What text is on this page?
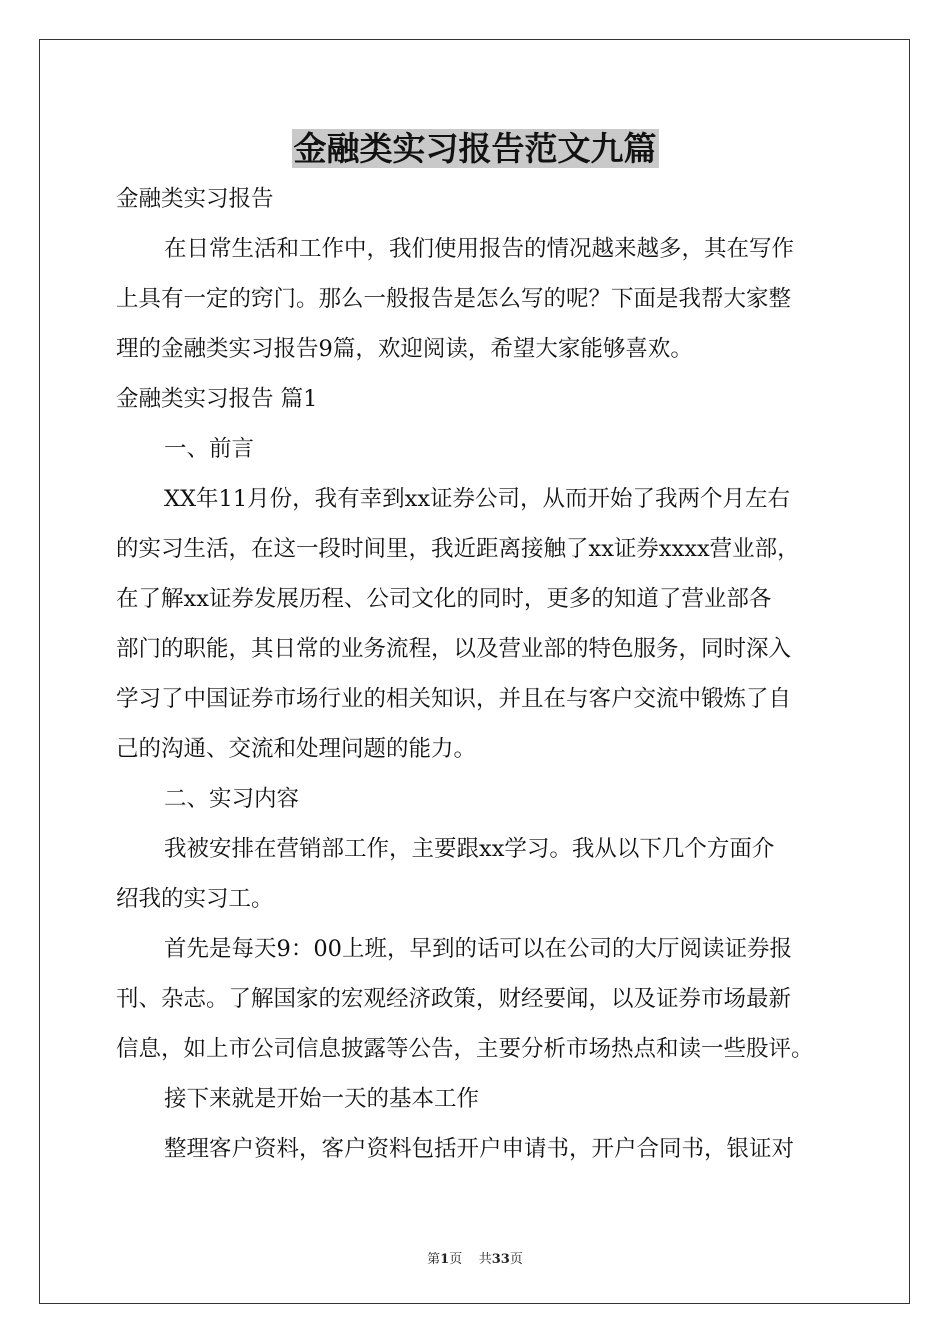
金融类实习报告范文九篇
金融类实习报告
在日常生活和工作中，我们使用报告的情况越来越多，其在写作
上具有一定的窍门。那么一般报告是怎么写的呢？下面是我帮大家整
理的金融类实习报告9篇，欢迎阅读，希望大家能够喜欢。
金融类实习报告 篇1
一、前言
XX年11月份，我有幸到xx证券公司，从而开始了我两个月左右
的实习生活，在这一段时间里，我近距离接触了xx证券xxxx营业部，
在了解xx证券发展历程、公司文化的同时，更多的知道了营业部各
部门的职能，其日常的业务流程，以及营业部的特色服务，同时深入
学习了中国证券市场行业的相关知识，并且在与客户交流中锻炼了自
己的沟通、交流和处理问题的能力。
二、实习内容
我被安排在营销部工作，主要跟xx学习。我从以下几个方面介
绍我的实习工。
首先是每天9：00上班，早到的话可以在公司的大厅阅读证券报
刊、杂志。了解国家的宏观经济政策，财经要闻，以及证券市场最新
信息，如上市公司信息披露等公告，主要分析市场热点和读一些股评。
接下来就是开始一天的基本工作
整理客户资料，客户资料包括开户申请书，开户合同书，银证对
第1页    共33页
